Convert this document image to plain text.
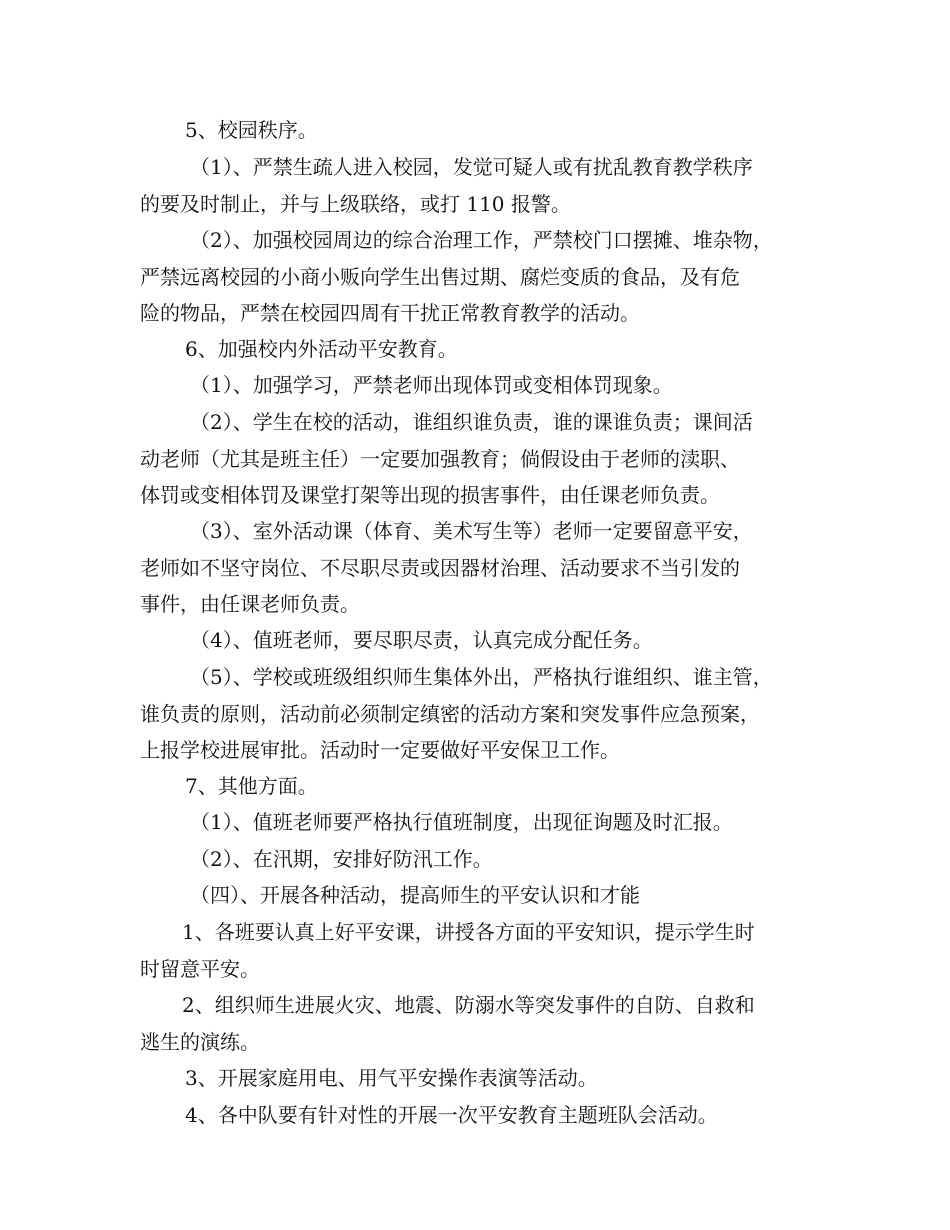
5、校园秩序。

（1）、严禁生疏人进入校园，发觉可疑人或有扰乱教育教学秩序
的要及时制止，并与上级联络，或打 110 报警。

（2）、加强校园周边的综合治理工作，严禁校门口摆摊、堆杂物，
严禁远离校园的小商小贩向学生出售过期、腐烂变质的食品，及有危
险的物品，严禁在校园四周有干扰正常教育教学的活动。

6、加强校内外活动平安教育。

（1）、加强学习，严禁老师出现体罚或变相体罚现象。

（2）、学生在校的活动，谁组织谁负责，谁的课谁负责；课间活
动老师（尤其是班主任）一定要加强教育；倘假设由于老师的渎职、
体罚或变相体罚及课堂打架等出现的损害事件，由任课老师负责。

（3）、室外活动课（体育、美术写生等）老师一定要留意平安，
老师如不坚守岗位、不尽职尽责或因器材治理、活动要求不当引发的
事件，由任课老师负责。

（4）、值班老师，要尽职尽责，认真完成分配任务。

（5）、学校或班级组织师生集体外出，严格执行谁组织、谁主管，
谁负责的原则，活动前必须制定缜密的活动方案和突发事件应急预案，
上报学校进展审批。活动时一定要做好平安保卫工作。

7、其他方面。

（1）、值班老师要严格执行值班制度，出现征询题及时汇报。

（2）、在汛期，安排好防汛工作。

（四）、开展各种活动，提高师生的平安认识和才能

1、各班要认真上好平安课，讲授各方面的平安知识，提示学生时
时留意平安。

2、组织师生进展火灾、地震、防溺水等突发事件的自防、自救和
逃生的演练。

3、开展家庭用电、用气平安操作表演等活动。

4、各中队要有针对性的开展一次平安教育主题班队会活动。
